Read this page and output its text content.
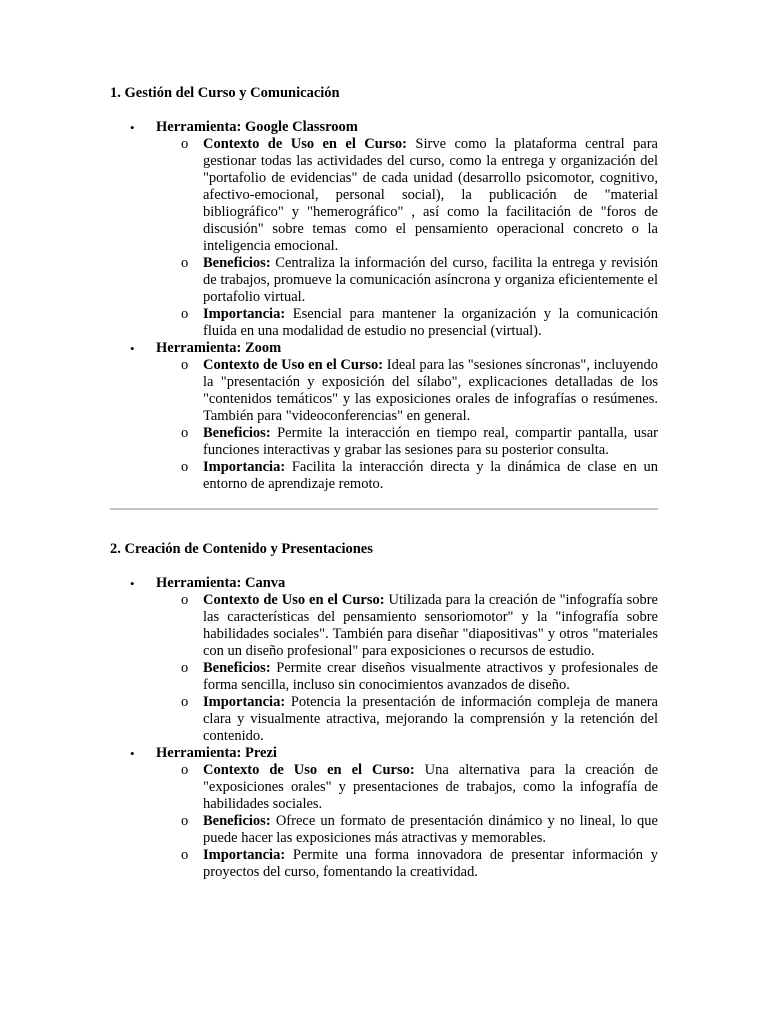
1. Gestión del Curso y Comunicación
• Herramienta: Google Classroom
o Contexto de Uso en el Curso: Sirve como la plataforma central para gestionar todas las actividades del curso, como la entrega y organización del "portafolio de evidencias" de cada unidad (desarrollo psicomotor, cognitivo, afectivo-emocional, personal social), la publicación de "material bibliográfico" y "hemerográfico" , así como la facilitación de "foros de discusión" sobre temas como el pensamiento operacional concreto o la inteligencia emocional.
o Beneficios: Centraliza la información del curso, facilita la entrega y revisión de trabajos, promueve la comunicación asíncrona y organiza eficientemente el portafolio virtual.
o Importancia: Esencial para mantener la organización y la comunicación fluida en una modalidad de estudio no presencial (virtual).
• Herramienta: Zoom
o Contexto de Uso en el Curso: Ideal para las "sesiones síncronas", incluyendo la "presentación y exposición del sílabo", explicaciones detalladas de los "contenidos temáticos" y las exposiciones orales de infografías o resúmenes. También para "videoconferencias" en general.
o Beneficios: Permite la interacción en tiempo real, compartir pantalla, usar funciones interactivas y grabar las sesiones para su posterior consulta.
o Importancia: Facilita la interacción directa y la dinámica de clase en un entorno de aprendizaje remoto.
2. Creación de Contenido y Presentaciones
• Herramienta: Canva
o Contexto de Uso en el Curso: Utilizada para la creación de "infografía sobre las características del pensamiento sensoriomotor" y la "infografía sobre habilidades sociales". También para diseñar "diapositivas" y otros "materiales con un diseño profesional" para exposiciones o recursos de estudio.
o Beneficios: Permite crear diseños visualmente atractivos y profesionales de forma sencilla, incluso sin conocimientos avanzados de diseño.
o Importancia: Potencia la presentación de información compleja de manera clara y visualmente atractiva, mejorando la comprensión y la retención del contenido.
• Herramienta: Prezi
o Contexto de Uso en el Curso: Una alternativa para la creación de "exposiciones orales" y presentaciones de trabajos, como la infografía de habilidades sociales.
o Beneficios: Ofrece un formato de presentación dinámico y no lineal, lo que puede hacer las exposiciones más atractivas y memorables.
o Importancia: Permite una forma innovadora de presentar información y proyectos del curso, fomentando la creatividad.
